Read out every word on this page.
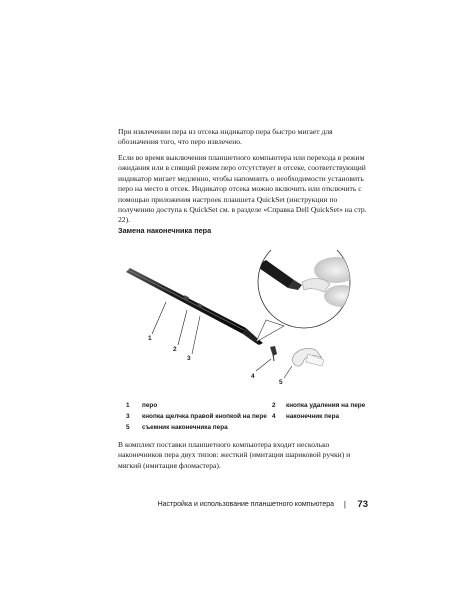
При извлечении пера из отсека индикатор пера быстро мигает для обозначения того, что перо извлечено.

Если во время выключения планшетного компьютера или перехода в режим ожидания или в спящий режим перо отсутствует в отсеке, соответствующий индикатор мигает медленно, чтобы напомнить о необходимости установить перо на место в отсек. Индикатор отсека можно включить или отключить с помощью приложения настроек планшета QuickSet (инструкции по получению доступа к QuickSet см. в разделе «Справка Dell QuickSet» на стр. 22).

Замена наконечника пера

1
2
3
4
5
1 перо	2 кнопка удаления на пере
3 кнопка щелчка правой кнопкой на пере 4 наконечник пера
5 съемник наконечника пера

В комплект поставки планшетного компьютера входит несколько наконечников пера двух типов: жесткий (имитация шариковой ручки) и мягкий (имитация фломастера).

Настройка и использование планшетного компьютера | 73
